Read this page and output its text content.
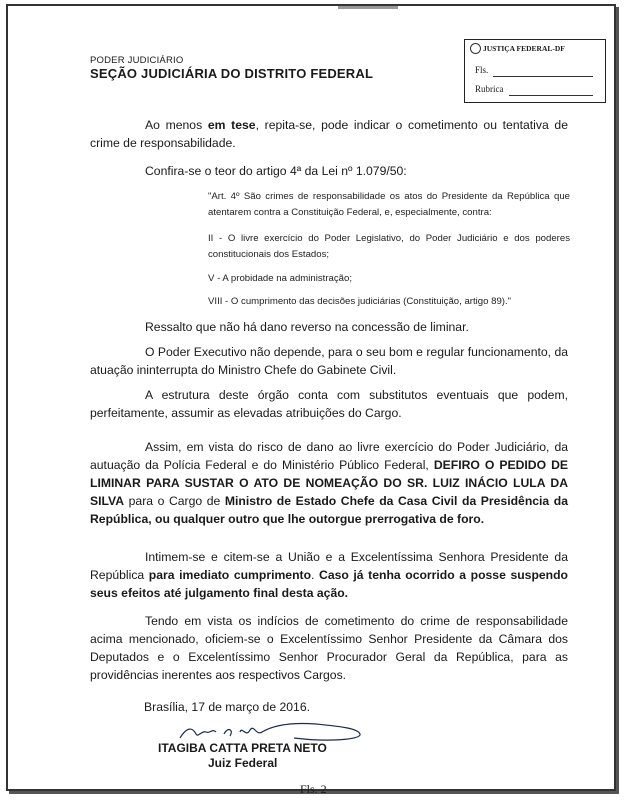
PODER JUDICIÁRIO
SEÇÃO JUDICIÁRIA DO DISTRITO FEDERAL
JUSTIÇA FEDERAL-DF
Fls.
Rubrica
Ao menos em tese, repita-se, pode indicar o cometimento ou tentativa de crime de responsabilidade.
Confira-se o teor do artigo 4ª da Lei nº 1.079/50:
"Art. 4º São crimes de responsabilidade os atos do Presidente da República que atentarem contra a Constituição Federal, e, especialmente, contra:
II - O livre exercício do Poder Legislativo, do Poder Judiciário e dos poderes constitucionais dos Estados;
V - A probidade na administração;
VIII - O cumprimento das decisões judiciárias (Constituição, artigo 89)."
Ressalto que não há dano reverso na concessão de liminar.
O Poder Executivo não depende, para o seu bom e regular funcionamento, da atuação ininterrupta do Ministro Chefe do Gabinete Civil.
A estrutura deste órgão conta com substitutos eventuais que podem, perfeitamente, assumir as elevadas atribuições do Cargo.
Assim, em vista do risco de dano ao livre exercício do Poder Judiciário, da autuação da Polícia Federal e do Ministério Público Federal, DEFIRO O PEDIDO DE LIMINAR PARA SUSTAR O ATO DE NOMEAÇÃO DO SR. LUIZ INÁCIO LULA DA SILVA para o Cargo de Ministro de Estado Chefe da Casa Civil da Presidência da República, ou qualquer outro que lhe outorgue prerrogativa de foro.
Intimem-se e citem-se a União e a Excelentíssima Senhora Presidente da República para imediato cumprimento. Caso já tenha ocorrido a posse suspendo seus efeitos até julgamento final desta ação.
Tendo em vista os indícios de cometimento do crime de responsabilidade acima mencionado, oficiem-se o Excelentíssimo Senhor Presidente da Câmara dos Deputados e o Excelentíssimo Senhor Procurador Geral da República, para as providências inerentes aos respectivos Cargos.
Brasília, 17 de março de 2016.
ITAGIBA CATTA PRETA NETO
Juiz Federal
Fls. 2
